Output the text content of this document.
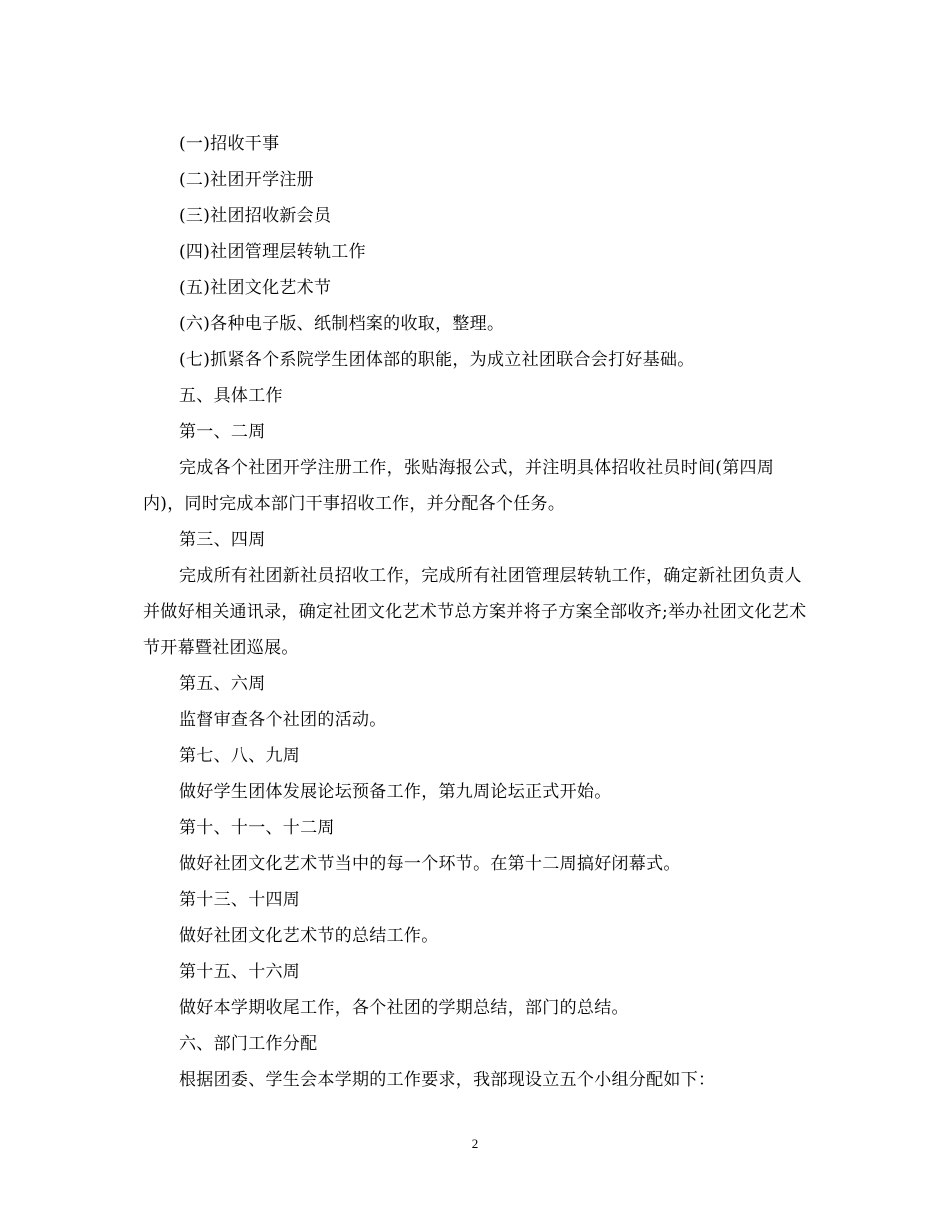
(一)招收干事

(二)社团开学注册

(三)社团招收新会员

(四)社团管理层转轨工作

(五)社团文化艺术节

(六)各种电子版、纸制档案的收取，整理。

(七)抓紧各个系院学生团体部的职能，为成立社团联合会打好基础。

五、具体工作

第一、二周

完成各个社团开学注册工作，张贴海报公式，并注明具体招收社员时间(第四周内)，同时完成本部门干事招收工作，并分配各个任务。

第三、四周

完成所有社团新社员招收工作，完成所有社团管理层转轨工作，确定新社团负责人并做好相关通讯录，确定社团文化艺术节总方案并将子方案全部收齐;举办社团文化艺术节开幕暨社团巡展。

第五、六周

监督审查各个社团的活动。

第七、八、九周

做好学生团体发展论坛预备工作，第九周论坛正式开始。

第十、十一、十二周

做好社团文化艺术节当中的每一个环节。在第十二周搞好闭幕式。

第十三、十四周

做好社团文化艺术节的总结工作。

第十五、十六周

做好本学期收尾工作，各个社团的学期总结，部门的总结。

六、部门工作分配

根据团委、学生会本学期的工作要求，我部现设立五个小组分配如下：

2
